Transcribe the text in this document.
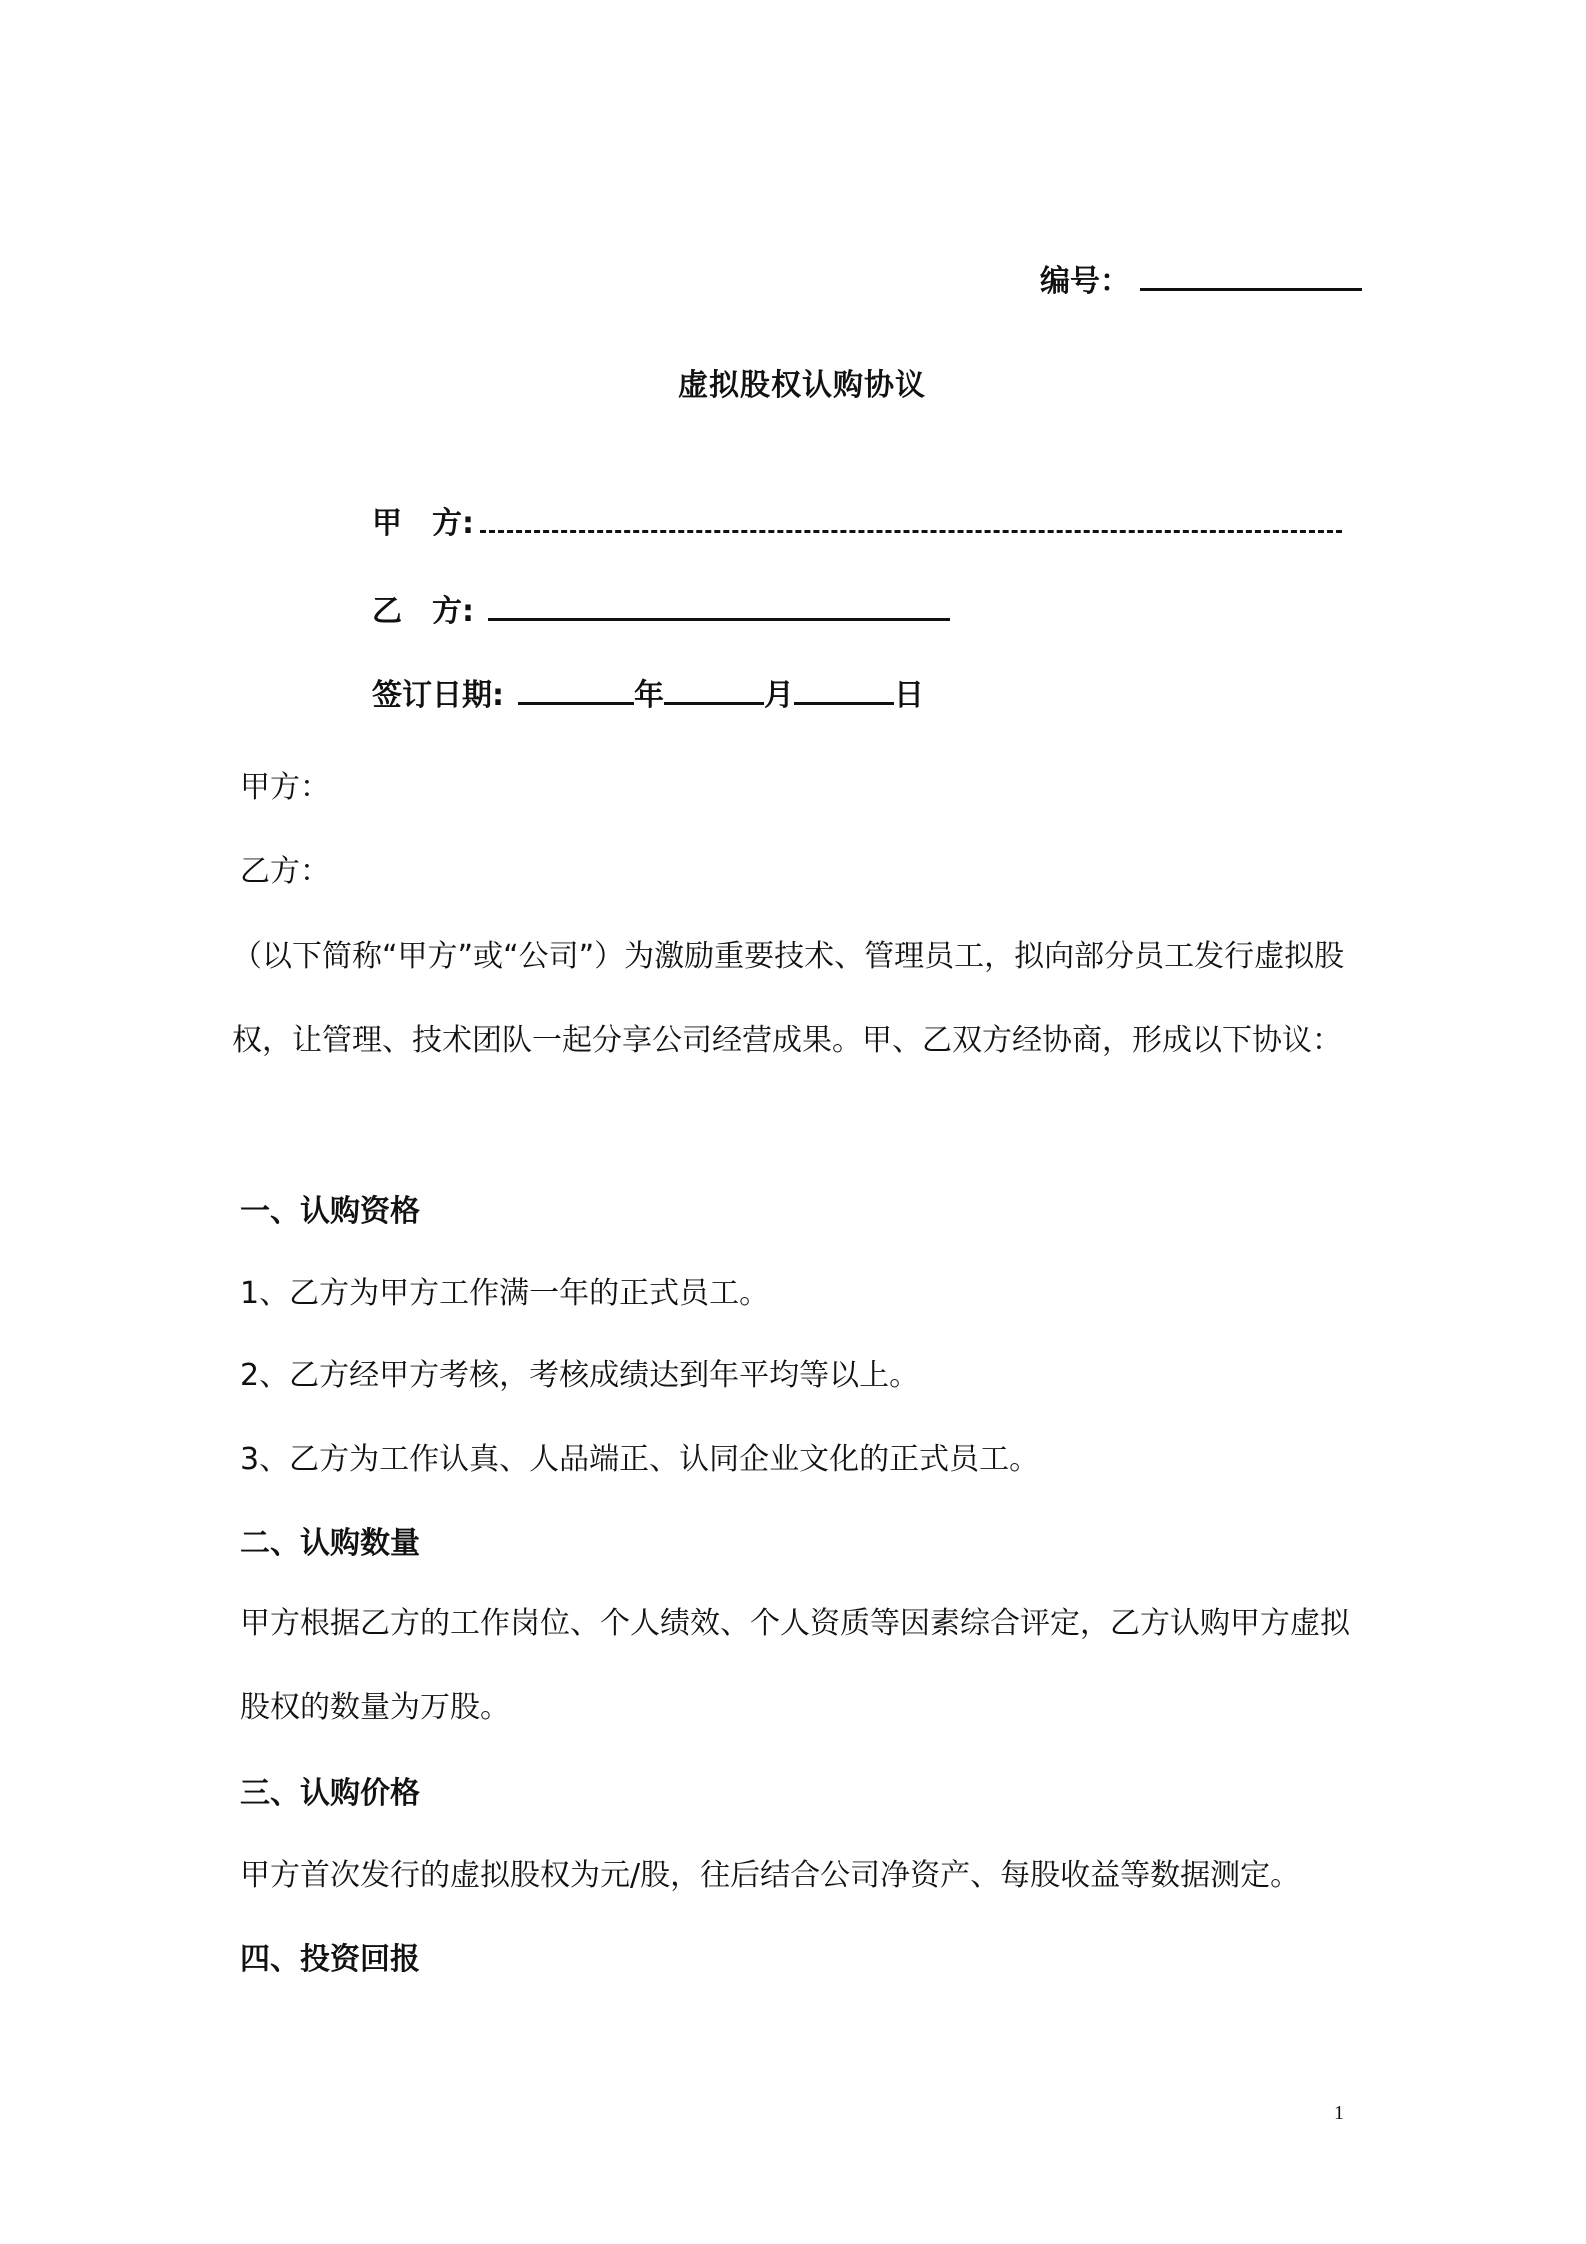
编号：
虚拟股权认购协议
甲　方:
乙　方:
签订日期:	年	月	日
甲方：
乙方：
（以下简称“甲方”或“公司”）为激励重要技术、管理员工，拟向部分员工发行虚拟股权，让管理、技术团队一起分享公司经营成果。甲、乙双方经协商，形成以下协议：
一、认购资格
1、乙方为甲方工作满一年的正式员工。
2、乙方经甲方考核，考核成绩达到年平均等以上。
3、乙方为工作认真、人品端正、认同企业文化的正式员工。
二、认购数量
甲方根据乙方的工作岗位、个人绩效、个人资质等因素综合评定，乙方认购甲方虚拟股权的数量为万股。
三、认购价格
甲方首次发行的虚拟股权为元/股，往后结合公司净资产、每股收益等数据测定。
四、投资回报
1
